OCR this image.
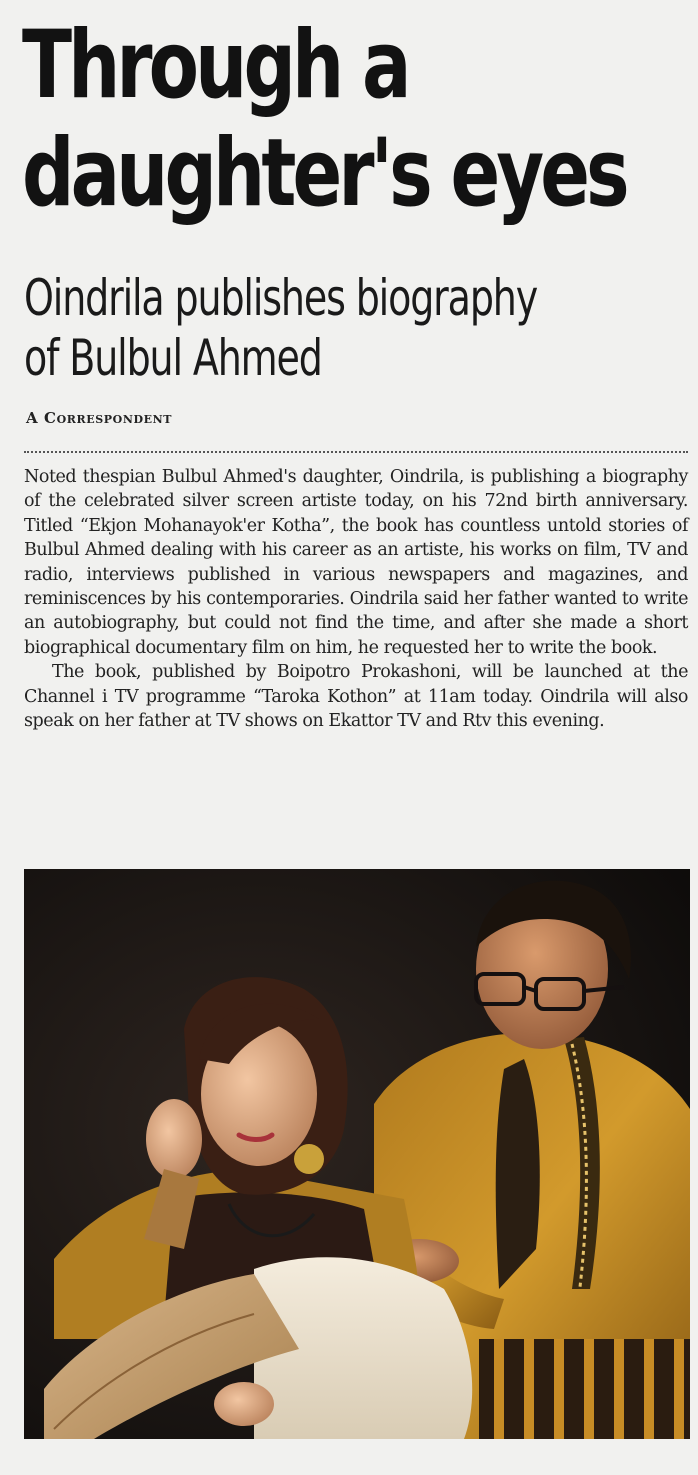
Through a
daughter's eyes
Oindrila publishes biography
of Bulbul Ahmed
A Correspondent

Noted thespian Bulbul Ahmed's daughter, Oindrila, is publishing a biography of the celebrated silver screen artiste today, on his 72nd birth anniversary. Titled “Ekjon Mohanayok'er Kotha”, the book has countless untold stories of Bulbul Ahmed dealing with his career as an artiste, his works on film, TV and radio, interviews published in various newspapers and magazines, and reminiscences by his contemporaries. Oindrila said her father wanted to write an autobiography, but could not find the time, and after she made a short biographical documentary film on him, he requested her to write the book.

The book, published by Boipotro Prokashoni, will be launched at the Channel i TV programme “Taroka Kothon” at 11am today. Oindrila will also speak on her father at TV shows on Ekattor TV and Rtv this evening.
